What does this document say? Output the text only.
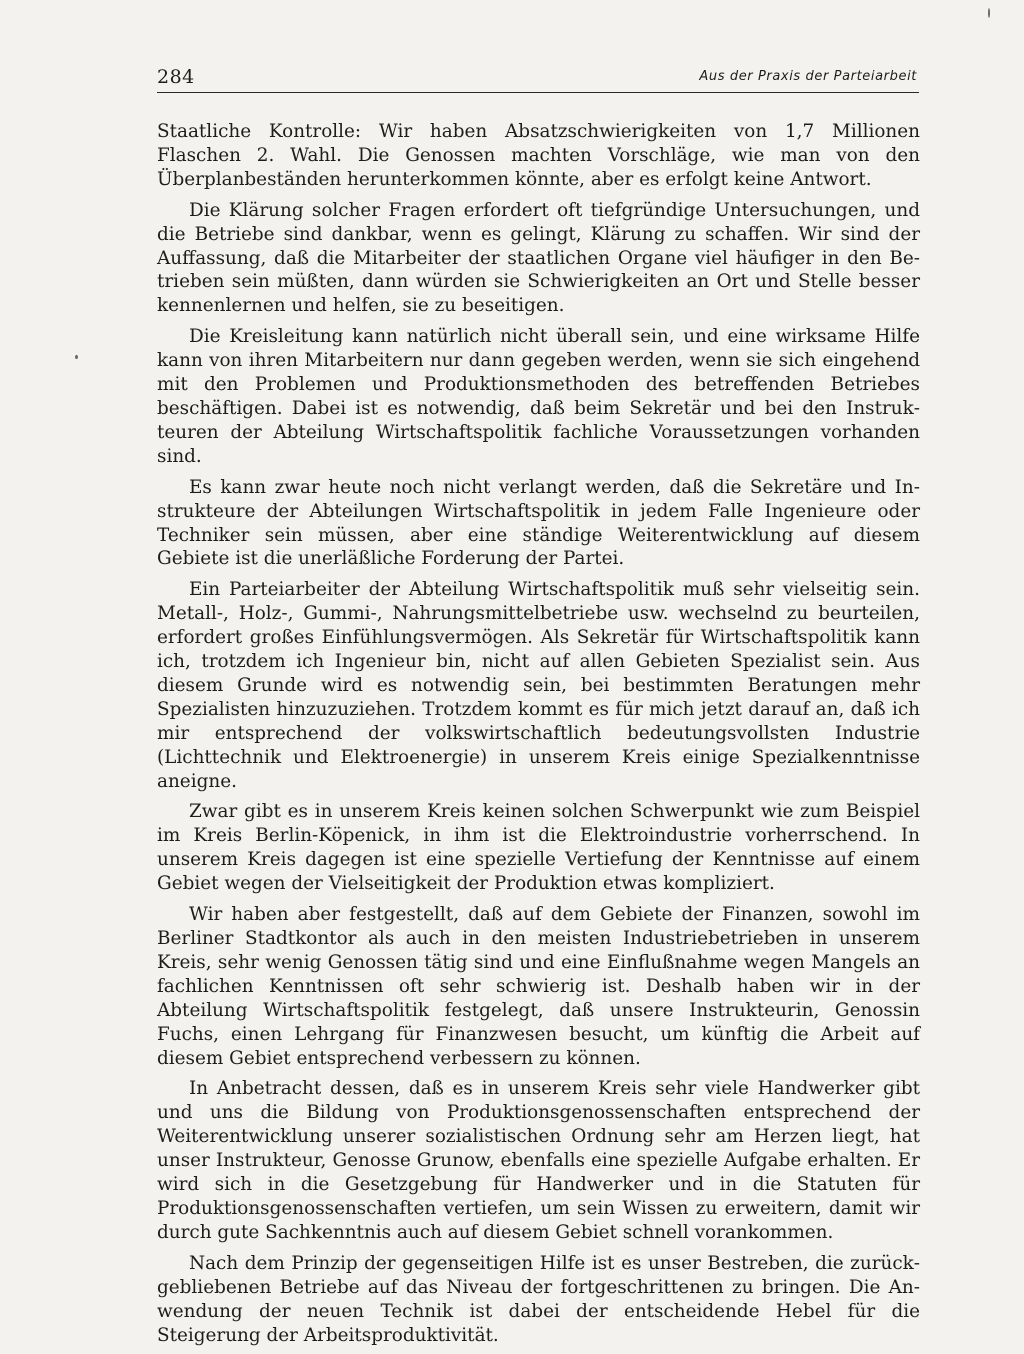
284	Aus der Praxis der Parteiarbeit

Staatliche Kontrolle: Wir haben Absatzschwierigkeiten von 1,7 Millionen Flaschen 2. Wahl. Die Genossen machten Vorschläge, wie man von den Überplanbeständen herunterkommen könnte, aber es erfolgt keine Antwort.

Die Klärung solcher Fragen erfordert oft tiefgründige Untersuchungen, und die Betriebe sind dankbar, wenn es gelingt, Klärung zu schaffen. Wir sind der Auffassung, daß die Mitarbeiter der staatlichen Organe viel häufiger in den Betrieben sein müßten, dann würden sie Schwierigkeiten an Ort und Stelle besser kennenlernen und helfen, sie zu beseitigen.

Die Kreisleitung kann natürlich nicht überall sein, und eine wirksame Hilfe kann von ihren Mitarbeitern nur dann gegeben werden, wenn sie sich eingehend mit den Problemen und Produktionsmethoden des betreffenden Betriebes beschäftigen. Dabei ist es notwendig, daß beim Sekretär und bei den Instrukteuren der Abteilung Wirtschaftspolitik fachliche Voraussetzungen vorhanden sind.

Es kann zwar heute noch nicht verlangt werden, daß die Sekretäre und Instrukteure der Abteilungen Wirtschaftspolitik in jedem Falle Ingenieure oder Techniker sein müssen, aber eine ständige Weiterentwicklung auf diesem Gebiete ist die unerläßliche Forderung der Partei.

Ein Parteiarbeiter der Abteilung Wirtschaftspolitik muß sehr vielseitig sein. Metall-, Holz-, Gummi-, Nahrungsmittelbetriebe usw. wechselnd zu beurteilen, erfordert großes Einfühlungsvermögen. Als Sekretär für Wirtschaftspolitik kann ich, trotzdem ich Ingenieur bin, nicht auf allen Gebieten Spezialist sein. Aus diesem Grunde wird es notwendig sein, bei bestimmten Beratungen mehr Spezialisten hinzuzuziehen. Trotzdem kommt es für mich jetzt darauf an, daß ich mir entsprechend der volkswirtschaftlich bedeutungsvollsten Industrie (Lichttechnik und Elektroenergie) in unserem Kreis einige Spezialkenntnisse aneigne.

Zwar gibt es in unserem Kreis keinen solchen Schwerpunkt wie zum Beispiel im Kreis Berlin-Köpenick, in ihm ist die Elektroindustrie vorherrschend. In unserem Kreis dagegen ist eine spezielle Vertiefung der Kenntnisse auf einem Gebiet wegen der Vielseitigkeit der Produktion etwas kompliziert.

Wir haben aber festgestellt, daß auf dem Gebiete der Finanzen, sowohl im Berliner Stadtkontor als auch in den meisten Industriebetrieben in unserem Kreis, sehr wenig Genossen tätig sind und eine Einflußnahme wegen Mangels an fachlichen Kenntnissen oft sehr schwierig ist. Deshalb haben wir in der Abteilung Wirtschaftspolitik festgelegt, daß unsere Instrukteurin, Genossin Fuchs, einen Lehrgang für Finanzwesen besucht, um künftig die Arbeit auf diesem Gebiet entsprechend verbessern zu können.

In Anbetracht dessen, daß es in unserem Kreis sehr viele Handwerker gibt und uns die Bildung von Produktionsgenossenschaften entsprechend der Weiterentwicklung unserer sozialistischen Ordnung sehr am Herzen liegt, hat unser Instrukteur, Genosse Grunow, ebenfalls eine spezielle Aufgabe erhalten. Er wird sich in die Gesetzgebung für Handwerker und in die Statuten für Produktionsgenossenschaften vertiefen, um sein Wissen zu erweitern, damit wir durch gute Sachkenntnis auch auf diesem Gebiet schnell vorankommen.

Nach dem Prinzip der gegenseitigen Hilfe ist es unser Bestreben, die zurückgebliebenen Betriebe auf das Niveau der fortgeschrittenen zu bringen. Die Anwendung der neuen Technik ist dabei der entscheidende Hebel für die Steigerung der Arbeitsproduktivität.
